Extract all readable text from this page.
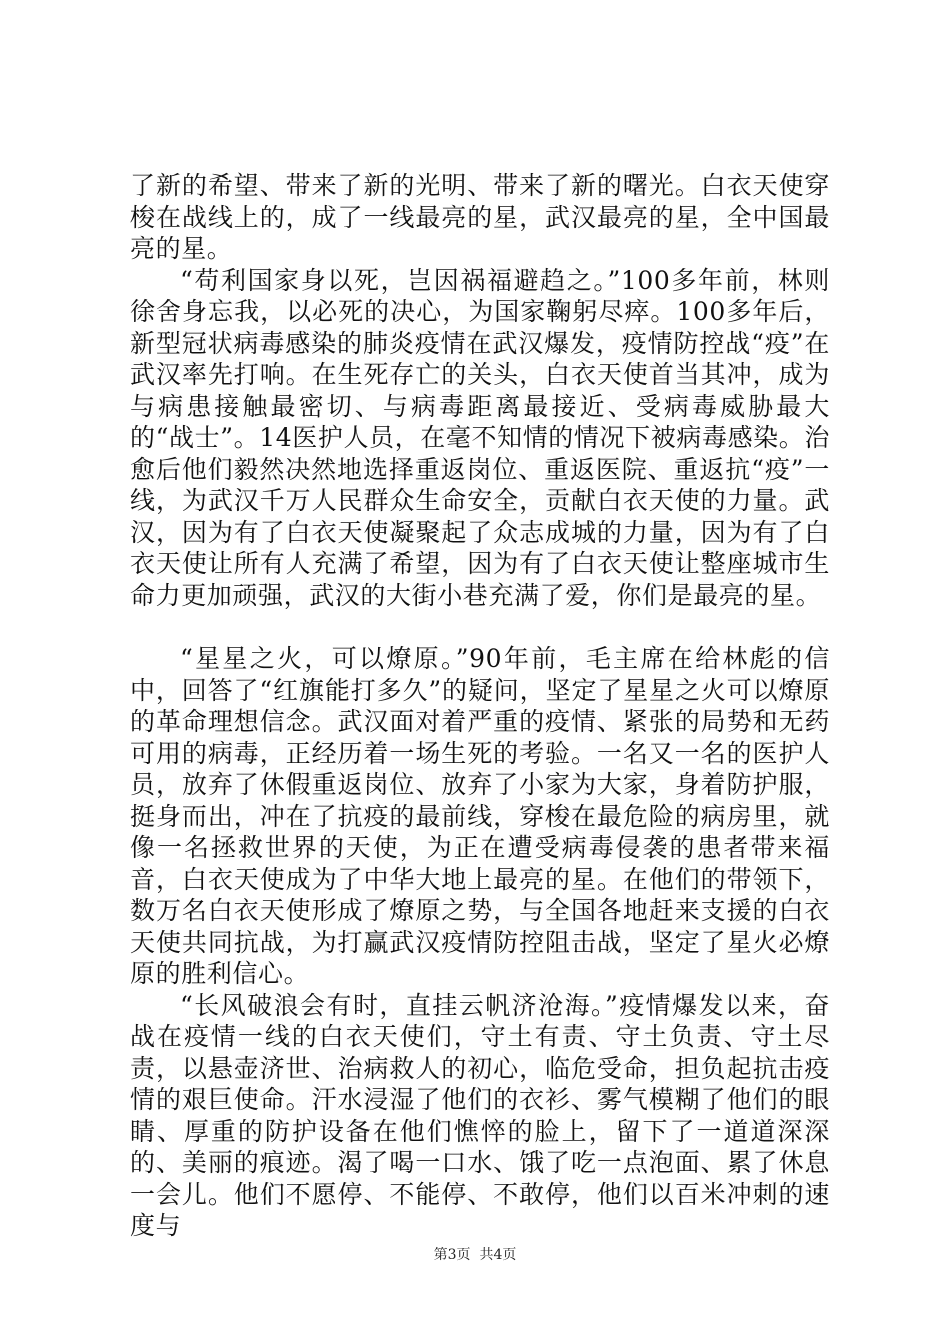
了新的希望、带来了新的光明、带来了新的曙光。白衣天使穿梭在战线上的，成了一线最亮的星，武汉最亮的星，全中国最亮的星。

“苟利国家身以死，岂因祸福避趋之。”100多年前，林则徐舍身忘我，以必死的决心，为国家鞠躬尽瘁。100多年后，新型冠状病毒感染的肺炎疫情在武汉爆发，疫情防控战“疫”在武汉率先打响。在生死存亡的关头，白衣天使首当其冲，成为与病患接触最密切、与病毒距离最接近、受病毒威胁最大的“战士”。14医护人员，在毫不知情的情况下被病毒感染。治愈后他们毅然决然地选择重返岗位、重返医院、重返抗“疫”一线，为武汉千万人民群众生命安全，贡献白衣天使的力量。武汉，因为有了白衣天使凝聚起了众志成城的力量，因为有了白衣天使让所有人充满了希望，因为有了白衣天使让整座城市生命力更加顽强，武汉的大街小巷充满了爱，你们是最亮的星。

“星星之火，可以燎原。”90年前，毛主席在给林彪的信中，回答了“红旗能打多久”的疑问，坚定了星星之火可以燎原的革命理想信念。武汉面对着严重的疫情、紧张的局势和无药可用的病毒，正经历着一场生死的考验。一名又一名的医护人员，放弃了休假重返岗位、放弃了小家为大家，身着防护服，挺身而出，冲在了抗疫的最前线，穿梭在最危险的病房里，就像一名拯救世界的天使，为正在遭受病毒侵袭的患者带来福音，白衣天使成为了中华大地上最亮的星。在他们的带领下，数万名白衣天使形成了燎原之势，与全国各地赶来支援的白衣天使共同抗战，为打赢武汉疫情防控阻击战，坚定了星火必燎原的胜利信心。

“长风破浪会有时，直挂云帆济沧海。”疫情爆发以来，奋战在疫情一线的白衣天使们，守土有责、守土负责、守土尽责，以悬壶济世、治病救人的初心，临危受命，担负起抗击疫情的艰巨使命。汗水浸湿了他们的衣衫、雾气模糊了他们的眼睛、厚重的防护设备在他们憔悴的脸上，留下了一道道深深的、美丽的痕迹。渴了喝一口水、饿了吃一点泡面、累了休息一会儿。他们不愿停、不能停、不敢停，他们以百米冲刺的速度与

第3页  共4页
